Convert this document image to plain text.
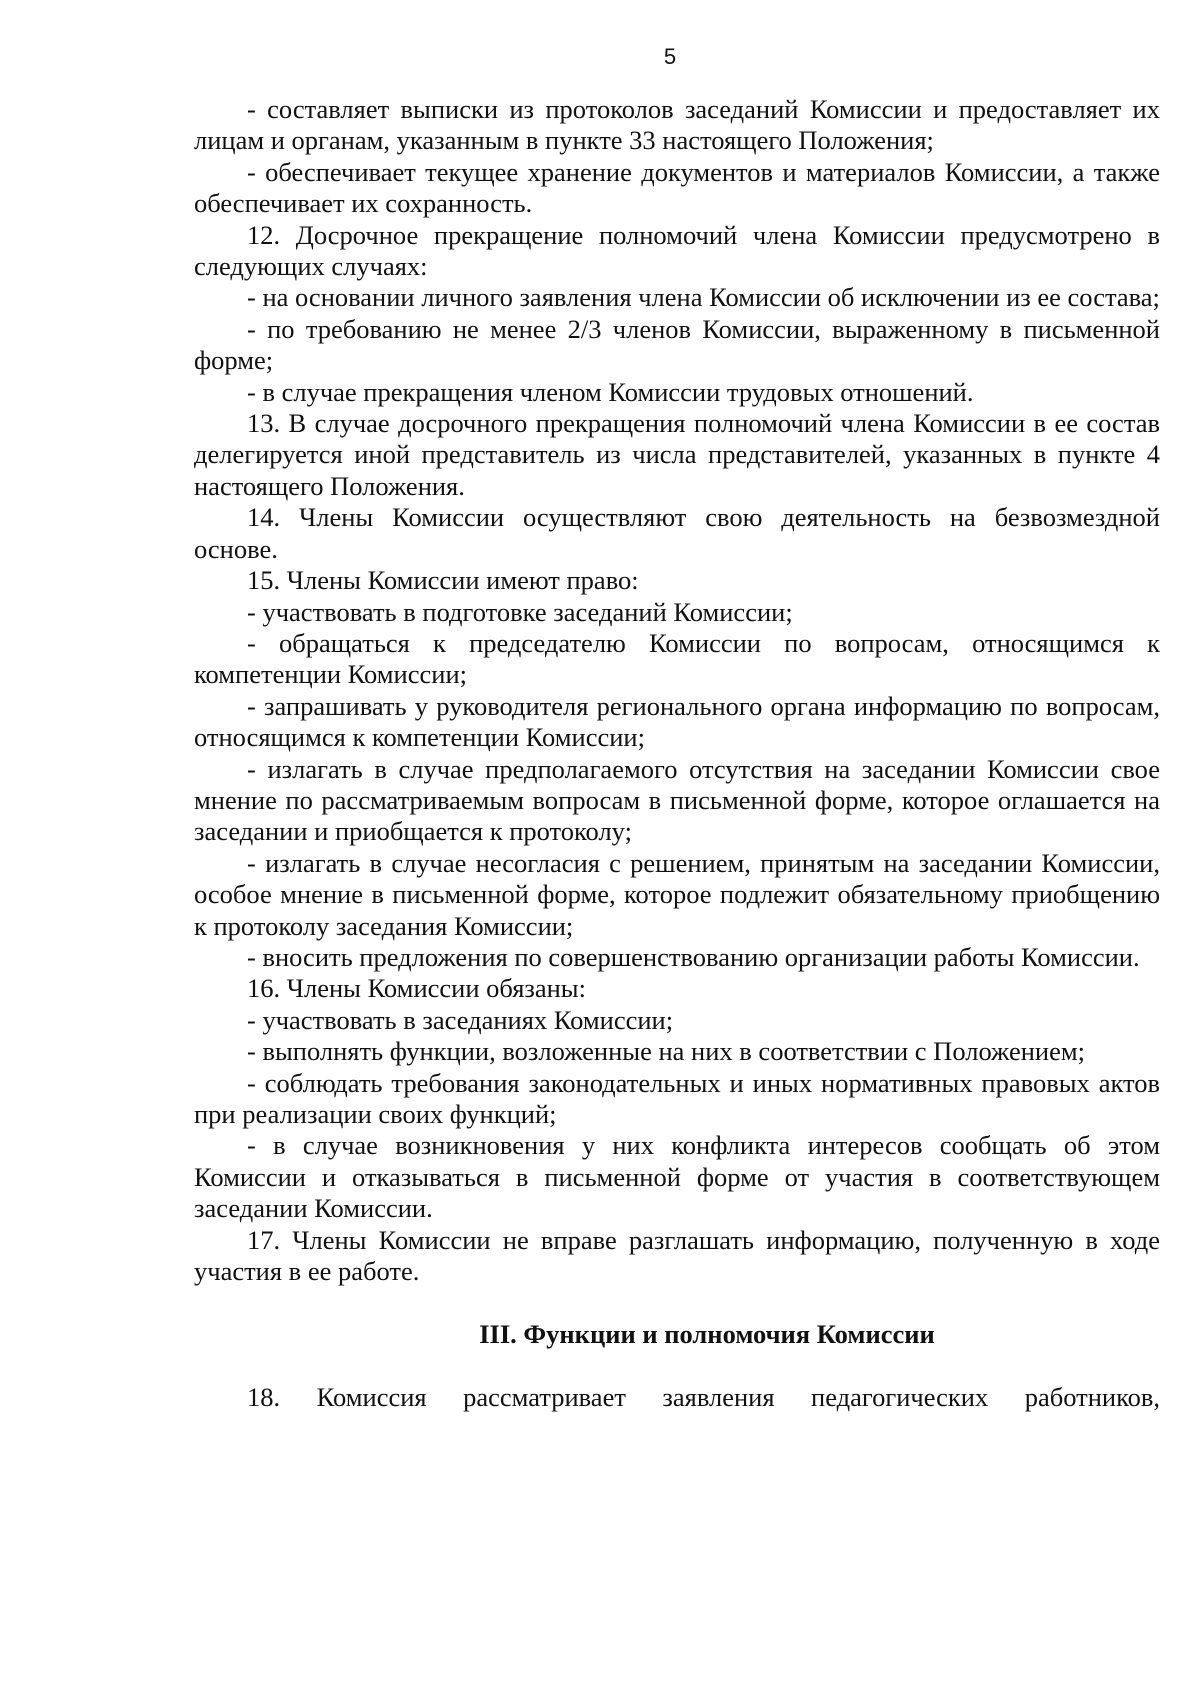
5

- составляет выписки из протоколов заседаний Комиссии и предоставляет их лицам и органам, указанным в пункте 33 настоящего Положения;

- обеспечивает текущее хранение документов и материалов Комиссии, а также обеспечивает их сохранность.

12. Досрочное прекращение полномочий члена Комиссии предусмотрено в следующих случаях:

- на основании личного заявления члена Комиссии об исключении из ее состава;

- по требованию не менее 2/3 членов Комиссии, выраженному в письменной форме;

- в случае прекращения членом Комиссии трудовых отношений.

13. В случае досрочного прекращения полномочий члена Комиссии в ее состав делегируется иной представитель из числа представителей, указанных в пункте 4 настоящего Положения.

14. Члены Комиссии осуществляют свою деятельность на безвозмездной основе.

15. Члены Комиссии имеют право:

- участвовать в подготовке заседаний Комиссии;

- обращаться к председателю Комиссии по вопросам, относящимся к компетенции Комиссии;

- запрашивать у руководителя регионального органа информацию по вопросам, относящимся к компетенции Комиссии;

- излагать в случае предполагаемого отсутствия на заседании Комиссии свое мнение по рассматриваемым вопросам в письменной форме, которое оглашается на заседании и приобщается к протоколу;

- излагать в случае несогласия с решением, принятым на заседании Комиссии, особое мнение в письменной форме, которое подлежит обязательному приобщению к протоколу заседания Комиссии;

- вносить предложения по совершенствованию организации работы Комиссии.

16. Члены Комиссии обязаны:

- участвовать в заседаниях Комиссии;

- выполнять функции, возложенные на них в соответствии с Положением;

- соблюдать требования законодательных и иных нормативных правовых актов при реализации своих функций;

- в случае возникновения у них конфликта интересов сообщать об этом Комиссии и отказываться в письменной форме от участия в соответствующем заседании Комиссии.

17. Члены Комиссии не вправе разглашать информацию, полученную в ходе участия в ее работе.

III. Функции и полномочия Комиссии

18. Комиссия рассматривает заявления педагогических работников,
